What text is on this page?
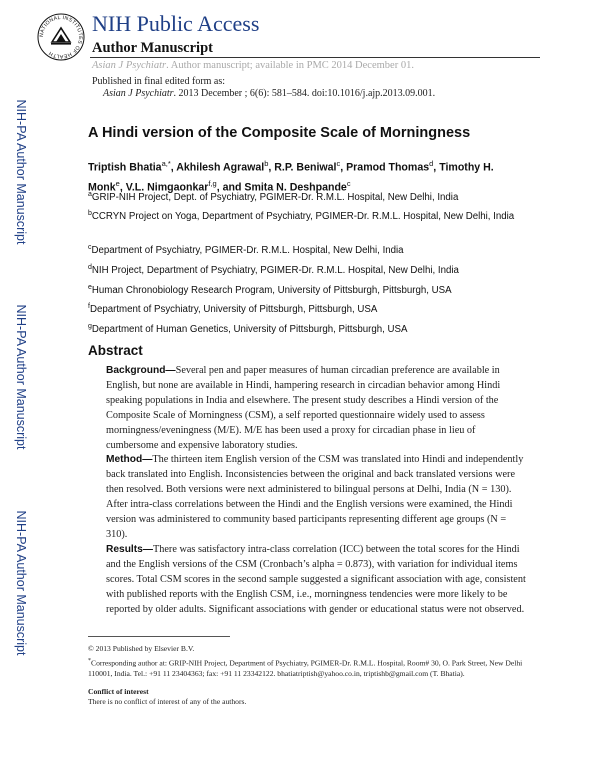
NATIONAL INSTITUTES OF HEALTH
NIH Public Access
Author Manuscript
Asian J Psychiatr. Author manuscript; available in PMC 2014 December 01.
Published in final edited form as:
Asian J Psychiatr. 2013 December ; 6(6): 581–584. doi:10.1016/j.ajp.2013.09.001.
NIH-PA Author Manuscript
NIH-PA Author Manuscript
NIH-PA Author Manuscript
A Hindi version of the Composite Scale of Morningness
Triptish Bhatia$^{a,*}$, Akhilesh Agrawal$^b$, R.P. Beniwal$^c$, Pramod Thomas$^d$, Timothy H. Monk$^e$, V.L. Nimgaonkar$^{f,g}$, and Smita N. Deshpande$^c$
$^a$GRIP-NIH Project, Dept. of Psychiatry, PGIMER-Dr. R.M.L. Hospital, New Delhi, India
$^b$CCRYN Project on Yoga, Department of Psychiatry, PGIMER-Dr. R.M.L. Hospital, New Delhi, India
$^c$Department of Psychiatry, PGIMER-Dr. R.M.L. Hospital, New Delhi, India
$^d$NIH Project, Department of Psychiatry, PGIMER-Dr. R.M.L. Hospital, New Delhi, India
$^e$Human Chronobiology Research Program, University of Pittsburgh, Pittsburgh, USA
$^f$Department of Psychiatry, University of Pittsburgh, Pittsburgh, USA
$^g$Department of Human Genetics, University of Pittsburgh, Pittsburgh, USA
Abstract

Background—Several pen and paper measures of human circadian preference are available in English, but none are available in Hindi, hampering research in circadian behavior among Hindi speaking populations in India and elsewhere. The present study describes a Hindi version of the Composite Scale of Morningness (CSM), a self reported questionnaire widely used to assess morningness/eveningness (M/E). M/E has been used a proxy for circadian phase in lieu of cumbersome and expensive laboratory studies.

Method—The thirteen item English version of the CSM was translated into Hindi and independently back translated into English. Inconsistencies between the original and back translated versions were then resolved. Both versions were next administered to bilingual persons at Delhi, India (N = 130). After intra-class correlations between the Hindi and the English versions were examined, the Hindi version was administered to community based participants representing different age groups (N = 310).

Results—There was satisfactory intra-class correlation (ICC) between the total scores for the Hindi and the English versions of the CSM (Cronbach’s alpha = 0.873), with variation for individual items scores. Total CSM scores in the second sample suggested a significant association with age, consistent with published reports with the English CSM, i.e., morningness tendencies were more likely to be reported by older adults. Significant associations with gender or educational status were not observed.

© 2013 Published by Elsevier B.V.

*Corresponding author at: GRIP-NIH Project, Department of Psychiatry, PGIMER-Dr. R.M.L. Hospital, Room# 30, O. Park Street, New Delhi 110001, India. Tel.: +91 11 23404363; fax: +91 11 23342122. bhatiatriptish@yahoo.co.in, triptishb@gmail.com (T. Bhatia).

Conflict of interest

There is no conflict of interest of any of the authors.
